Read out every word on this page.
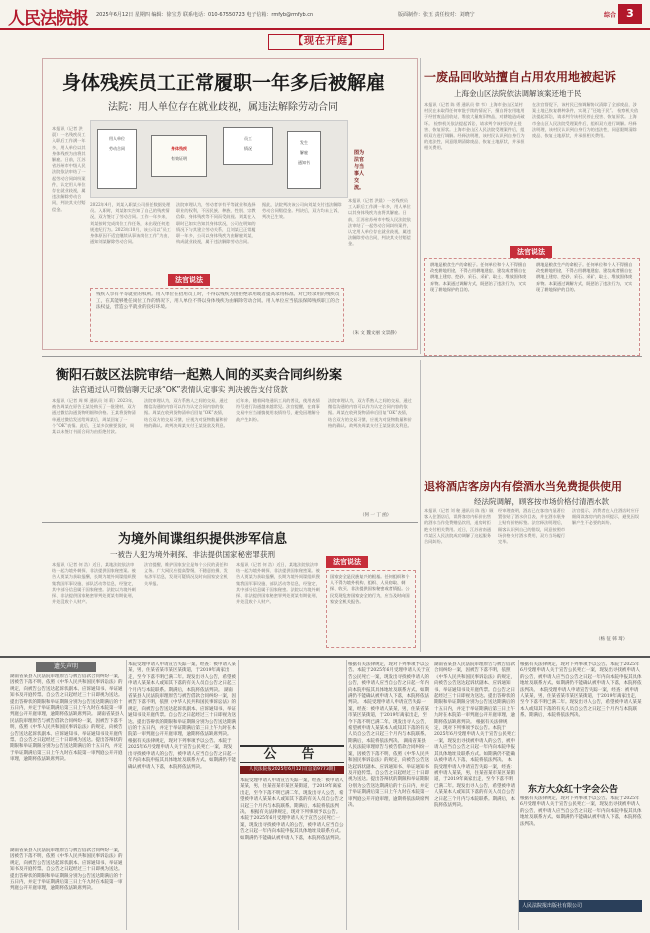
人民法院报 2025年6月12日 星期四 编辑：徐宝芳 联系电话：010-67550723 电子信箱：rmfyb@rmfyb.cn	版面制作：张玉 责任校对：刘晓宁	3
综合
【现在开庭】
身体残疾员工正常履职一年多后被解雇
法院：用人单位存在就业歧视，属违法解除劳动合同
用人单位
劳动合同	身体残疾
有效证明
员工
情况
发生
解雇
通知书
图为法官与当事人交流。
本报讯（记者 洪晨）一名残疾员工入职后工作满一年多，用人单位以其身体残疾为由将其解雇。日前，江苏省苏州市中级人民法院依法审结了一起劳动合同纠纷案件，认定用人单位存在就业歧视，属违法解除劳动合同，判决其支付赔偿金。
2022年4月，刘某入职某公司担任数据处理员。入职时，刘某如实告知了自己的残疾情况，双方签订了劳动合同。工作一年多来，刘某按时完成岗位工作任务，未出现任何违规违纪行为。2023年10月，该公司以“员工身体原因不适宜继续从事该岗位工作”为由，通知刘某解除劳动合同。
法院审理认为，劳动者享有平等就业和选择职业的权利，不因民族、种族、性别、宗教信仰、身体残疾等不同而受歧视。刘某在入职时已如实告知其身体状况，公司在明知的情况下与其建立劳动关系，且刘某已正常履职一年多，公司以身体残疾为由解雇刘某，构成就业歧视，属于违法解除劳动合同。
据此，法院判决该公司向刘某支付违法解除劳动合同赔偿金。判决后，双方均未上诉，判决已生效。
本报讯（记者 洪晨）一名残疾员工入职后工作满一年多，用人单位以其身体残疾为由将其解雇。日前，江苏省苏州市中级人民法院依法审结了一起劳动合同纠纷案件，认定用人单位存在就业歧视，属违法解除劳动合同，判决其支付赔偿金。
（朱 文 魏文丽 文景静）
法官说法
残疾人享有平等就业的权利。用人单位在招用员工时，不得以残疾为由拒绝录用或者提高录用标准。对已经录用的残疾员工，在其能够胜任岗位工作的情况下，用人单位不得以身体残疾为由解除劳动合同。用人单位应当依法保障残疾职工的合法权益，营造公平就业的良好环境。
一废品回收站擅自占用农用地被起诉
上海金山区法院依法调解该案还地于民
本报讯（记者 陈 勇 通讯员 徐 韦）上海市金山区某村村民在未取得任何审批手续的情况下，擅自将农用地用于经营废品回收站，堆放大量废旧物品，对耕地造成破坏。 检察机关依法提起诉讼，请求判令该村民停止侵害、恢复原状。上海市金山区人民法院受理案件后，组织双方进行调解。经释法明理，该村民认识到自身行为的违法性，同意限期清除废品、恢复土地原状，并承担相关费用。
在法官督促下，该村民已按调解协议清除了全部废品，涉案土地已恢复耕种条件，实现了“还地于民”。 检察机关依法提起诉讼，请求判令该村民停止侵害、恢复原状。上海市金山区人民法院受理案件后，组织双方进行调解。经释法明理，该村民认识到自身行为的违法性，同意限期清除废品、恢复土地原状，并承担相关费用。
法官说法
耕地是粮食生产的命根子。任何单位和个人不得擅自改变耕地用途，不得占用耕地建窑、建坟或者擅自在耕地上建房、挖砂、采石、采矿、取土、堆放固体废弃物。本案通过调解方式，既惩治了违法行为，又实现了耕地保护的目的。
耕地是粮食生产的命根子。任何单位和个人不得擅自改变耕地用途，不得占用耕地建窑、建坟或者擅自在耕地上建房、挖砂、采石、采矿、取土、堆放固体废弃物。本案通过调解方式，既惩治了违法行为，又实现了耕地保护的目的。
衡阳石鼓区法院审结一起熟人间的买卖合同纠纷案
法官通过认可微信聊天记录“OK”表情认定事实 判决被告支付货款
本报讯（记者 周 辉 通讯员 刘 莉）2023年，被告周某在原告王某处购买了一批建材，双方通过微信沟通货物明细和价格。王某将货物清单通过微信发送给周某后，周某回复了一个“OK”表情。此后，王某多次催要货款，周某以未签订书面合同为由拒绝付款。
法院审理认为，双方系熟人之间的交易，通过微信沟通的内容可以作为认定合同内容的依据。周某在收到货物清单后回复“OK”表情，结合双方的交易习惯，应视为对货物数量和价格的确认。故判决周某支付王某货款及利息。
近年来，随着网络通讯工具的普及，使用表情符号进行沟通越来越常见。法官提醒，在商事交易中应当谨慎使用表情符号，避免因理解分歧产生纠纷。
法院审理认为，双方系熟人之间的交易，通过微信沟通的内容可以作为认定合同内容的依据。周某在收到货物清单后回复“OK”表情，结合双方的交易习惯，应视为对货物数量和价格的确认。故判决周某支付王某货款及利息。
（何 一 丁 函）
退将酒店客房内有偿酒水当免费提供使用
经法院调解，顾客按市场价格付清酒水款
本报讯（记者 刘 秘 通讯员 陈 逸）顾客入住酒店后，误将客房内标价出售的酒水当作免费赠品饮用，退房时拒绝支付相关费用。近日，江苏省南通市某区人民法院成功调解了这起服务合同纠纷。
经审理查明，酒店已在客房内显著位置张贴了酒水价目表，并在酒水瓶身上贴有价格标签。法官释法明理后，顾客认识到自己的错误，同意按照市场价格支付酒水费用，双方当场履行完毕。
法官提示，消费者在入住酒店时应仔细阅读客房内的各项提示，避免因误解产生不必要的纠纷。
（杨 征 韩 琦）
为境外间谍组织提供涉军信息
一被告人犯为境外刺探、非法提供国家秘密罪获刑
本报讯（记者 何 浩）近日，某地法院依法审结一起为境外刺探、非法提供国家秘密案。被告人贾某为获取报酬，长期为境外间谍组织搜集我国军事设施、部队活动等信息，经鉴定，其中部分信息属于国家秘密。法院以为境外刺探、非法提供国家秘密罪判处贾某有期徒刑，并处没收个人财产。
法官提醒，维护国家安全是每个公民的责任和义务。广大网民应提高警惕，不随意拍摄、发布涉军信息，发现可疑情况及时向国家安全机关举报。
本报讯（记者 何 浩）近日，某地法院依法审结一起为境外刺探、非法提供国家秘密案。被告人贾某为获取报酬，长期为境外间谍组织搜集我国军事设施、部队活动等信息，经鉴定，其中部分信息属于国家秘密。法院以为境外刺探、非法提供国家秘密罪判处贾某有期徒刑，并处没收个人财产。
法官说法
国家安全是民族复兴的根基。任何组织和个人不得为境外机构、组织、人员窃取、刺探、收买、非法提供国家秘密或者情报。公民发现危害国家安全的行为，应当及时向国家安全机关报告。
遗失声明
湖南省某县人民法院审理原告与被告借款合同纠纷一案，因被告下落不明，依照《中华人民共和国民事诉讼法》的规定，向被告公告送达起诉状副本、应诉通知书、举证通知书及开庭传票。自公告之日起经过三十日即视为送达。提出答辩状的期限和举证期限分别为公告送达期满后的十五日内，并定于举证期满后第三日上午九时在本院第一审判庭公开开庭审理，逾期将依法缺席判决。 湖南省某县人民法院审理原告与被告借款合同纠纷一案，因被告下落不明，依照《中华人民共和国民事诉讼法》的规定，向被告公告送达起诉状副本、应诉通知书、举证通知书及开庭传票。自公告之日起经过三十日即视为送达。提出答辩状的期限和举证期限分别为公告送达期满后的十五日内，并定于举证期满后第三日上午九时在本院第一审判庭公开开庭审理，逾期将依法缺席判决。
湖南省某县人民法院审理原告与被告借款合同纠纷一案，因被告下落不明，依照《中华人民共和国民事诉讼法》的规定，向被告公告送达起诉状副本、应诉通知书、举证通知书及开庭传票。自公告之日起经过三十日即视为送达。提出答辩状的期限和举证期限分别为公告送达期满后的十五日内，并定于举证期满后第三日上午九时在本院第一审判庭公开开庭审理，逾期将依法缺席判决。
本院受理申请人申请宣告失踪一案，经查：被申请人某某，男，住某省某市某区某街道，于2019年离家出走，至今下落不明已满二年。现发出寻人公告，希望被申请人某某本人或知其下落的有关人员自公告之日起三个月内与本院联系。期满后，本院将依法判决。 湖南省某县人民法院审理原告与被告借款合同纠纷一案，因被告下落不明，依照《中华人民共和国民事诉讼法》的规定，向被告公告送达起诉状副本、应诉通知书、举证通知书及开庭传票。自公告之日起经过三十日即视为送达。提出答辩状的期限和举证期限分别为公告送达期满后的十五日内，并定于举证期满后第三日上午九时在本院第一审判庭公开开庭审理，逾期将依法缺席判决。 根据有关法律规定，现对下列事项予以公告。本院于2025年6月受理申请人关于宣告公民死亡一案，现发出寻找被申请人的公告，被申请人应当自公告之日起一年内向本院申报其具体地址及联系方式。如期满仍不能确认被申请人下落，本院将依法判决。
公　告
人民法院报2025年6月12日[总第9773期]
本院受理申请人申请宣告失踪一案，经查：被申请人某某，男，住某省某市某区某街道，于2019年离家出走，至今下落不明已满二年。现发出寻人公告，希望被申请人某某本人或知其下落的有关人员自公告之日起三个月内与本院联系。期满后，本院将依法判决。 根据有关法律规定，现对下列事项予以公告。本院于2025年6月受理申请人关于宣告公民死亡一案，现发出寻找被申请人的公告，被申请人应当自公告之日起一年内向本院申报其具体地址及联系方式。如期满仍不能确认被申请人下落，本院将依法判决。
根据有关法律规定，现对下列事项予以公告。本院于2025年6月受理申请人关于宣告公民死亡一案，现发出寻找被申请人的公告，被申请人应当自公告之日起一年内向本院申报其具体地址及联系方式。如期满仍不能确认被申请人下落，本院将依法判决。 本院受理申请人申请宣告失踪一案，经查：被申请人某某，男，住某省某市某区某街道，于2019年离家出走，至今下落不明已满二年。现发出寻人公告，希望被申请人某某本人或知其下落的有关人员自公告之日起三个月内与本院联系。期满后，本院将依法判决。 湖南省某县人民法院审理原告与被告借款合同纠纷一案，因被告下落不明，依照《中华人民共和国民事诉讼法》的规定，向被告公告送达起诉状副本、应诉通知书、举证通知书及开庭传票。自公告之日起经过三十日即视为送达。提出答辩状的期限和举证期限分别为公告送达期满后的十五日内，并定于举证期满后第三日上午九时在本院第一审判庭公开开庭审理，逾期将依法缺席判决。
湖南省某县人民法院审理原告与被告借款合同纠纷一案，因被告下落不明，依照《中华人民共和国民事诉讼法》的规定，向被告公告送达起诉状副本、应诉通知书、举证通知书及开庭传票。自公告之日起经过三十日即视为送达。提出答辩状的期限和举证期限分别为公告送达期满后的十五日内，并定于举证期满后第三日上午九时在本院第一审判庭公开开庭审理，逾期将依法缺席判决。 根据有关法律规定，现对下列事项予以公告。本院于2025年6月受理申请人关于宣告公民死亡一案，现发出寻找被申请人的公告，被申请人应当自公告之日起一年内向本院申报其具体地址及联系方式。如期满仍不能确认被申请人下落，本院将依法判决。 本院受理申请人申请宣告失踪一案，经查：被申请人某某，男，住某省某市某区某街道，于2019年离家出走，至今下落不明已满二年。现发出寻人公告，希望被申请人某某本人或知其下落的有关人员自公告之日起三个月内与本院联系。期满后，本院将依法判决。
根据有关法律规定，现对下列事项予以公告。本院于2025年6月受理申请人关于宣告公民死亡一案，现发出寻找被申请人的公告，被申请人应当自公告之日起一年内向本院申报其具体地址及联系方式。如期满仍不能确认被申请人下落，本院将依法判决。 本院受理申请人申请宣告失踪一案，经查：被申请人某某，男，住某省某市某区某街道，于2019年离家出走，至今下落不明已满二年。现发出寻人公告，希望被申请人某某本人或知其下落的有关人员自公告之日起三个月内与本院联系。期满后，本院将依法判决。
东方大众红十字会公告
根据有关法律规定，现对下列事项予以公告。本院于2025年6月受理申请人关于宣告公民死亡一案，现发出寻找被申请人的公告，被申请人应当自公告之日起一年内向本院申报其具体地址及联系方式。如期满仍不能确认被申请人下落，本院将依法判决。
人民法院报出版社有限公司
